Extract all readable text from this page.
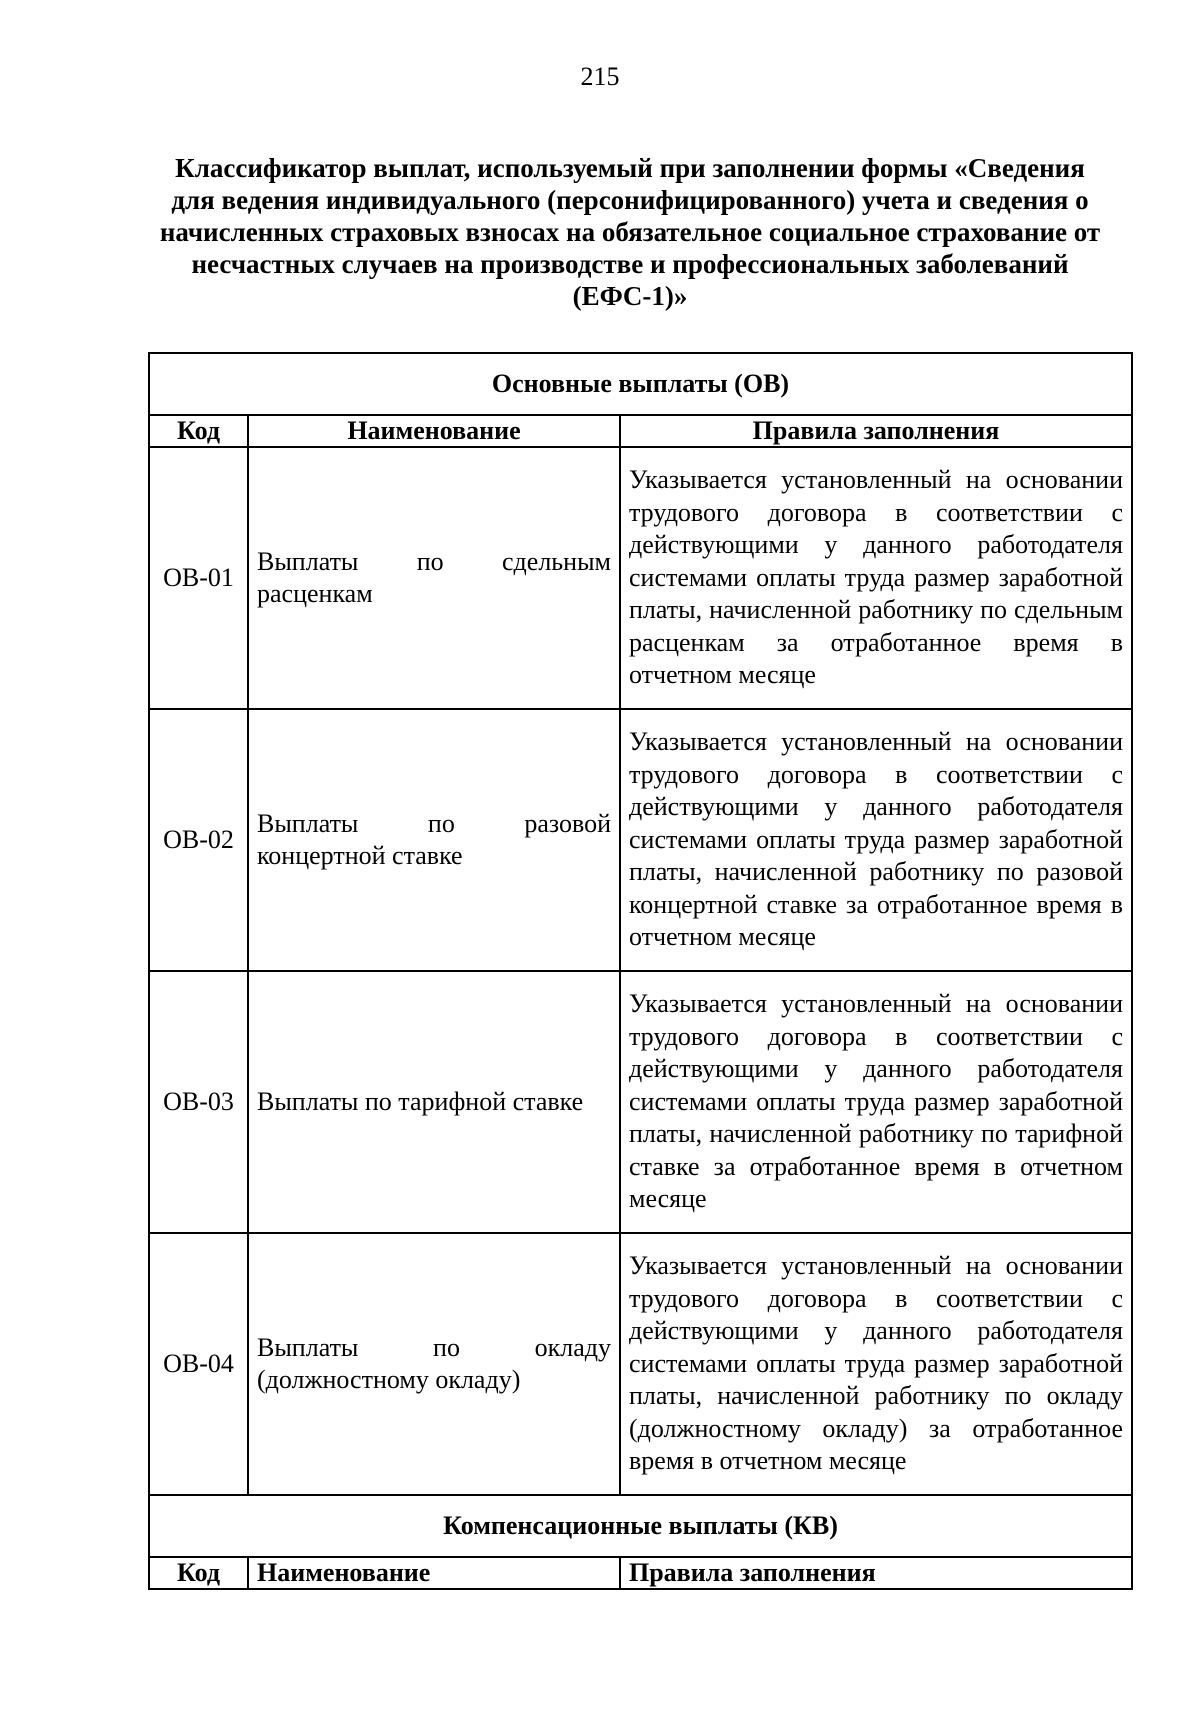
215
Классификатор выплат, используемый при заполнении формы «Сведения
для ведения индивидуального (персонифицированного) учета и сведения о
начисленных страховых взносах на обязательное социальное страхование от
несчастных случаев на производстве и профессиональных заболеваний
(ЕФС-1)»
Основные выплаты (ОВ)		
Код	Наименование	Правила заполнения
ОВ-01	Выплаты по сдельным расценкам	Указывается установленный на основании трудового договора в соответствии с действующими у данного работодателя системами оплаты труда размер заработной платы, начисленной работнику по сдельным расценкам за отработанное время в отчетном месяце
ОВ-02	Выплаты по разовой концертной ставке	Указывается установленный на основании трудового договора в соответствии с действующими у данного работодателя системами оплаты труда размер заработной платы, начисленной работнику по разовой концертной ставке за отработанное время в отчетном месяце
ОВ-03	Выплаты по тарифной ставке	Указывается установленный на основании трудового договора в соответствии с действующими у данного работодателя системами оплаты труда размер заработной платы, начисленной работнику по тарифной ставке за отработанное время в отчетном месяце
ОВ-04	Выплаты по окладу (должностному окладу)	Указывается установленный на основании трудового договора в соответствии с действующими у данного работодателя системами оплаты труда размер заработной платы, начисленной работнику по окладу (должностному окладу) за отработанное время в отчетном месяце
Компенсационные выплаты (КВ)		
Код	Наименование	Правила заполнения
